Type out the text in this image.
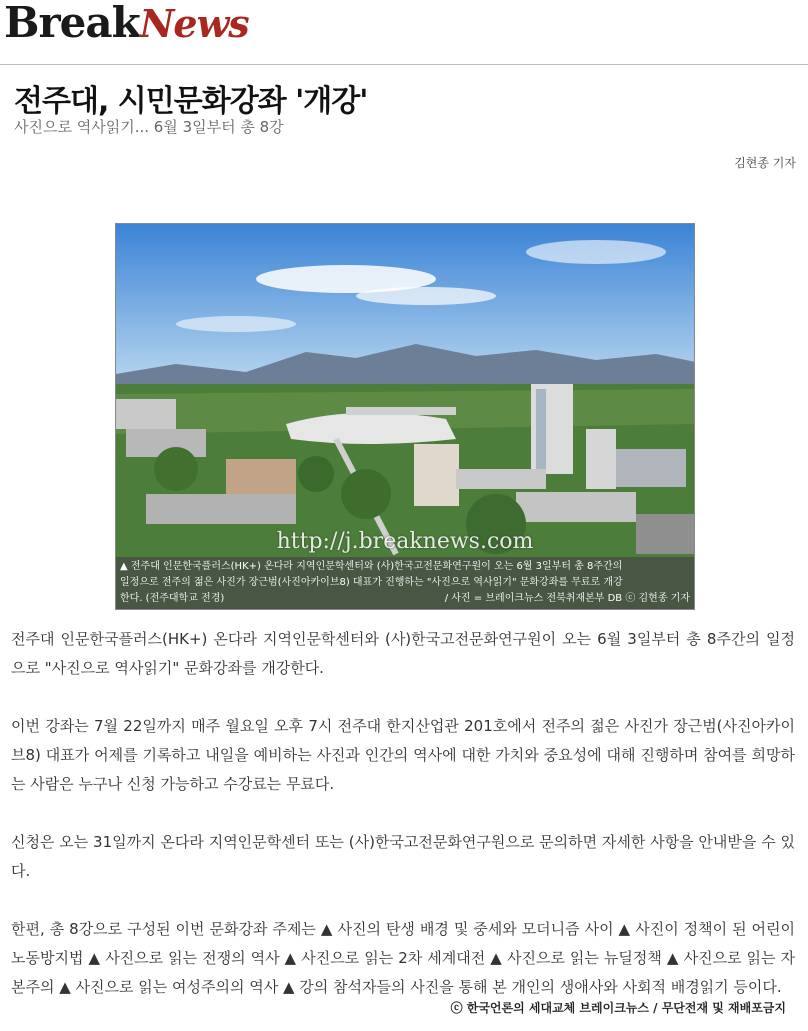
BreakNews
전주대, 시민문화강좌 '개강'
사진으로 역사읽기... 6월 3일부터 총 8강
김현종 기자
http://j.breaknews.com
▲ 전주대 인문한국플러스(HK+) 온다라 지역인문학센터와 (사)한국고전문화연구원이 오는 6월 3일부터 총 8주간의
일정으로 전주의 젊은 사진가 장근범(사진아카이브8) 대표가 진행하는 "사진으로 역사읽기" 문화강좌를 무료로 개강
한다. (전주대학교 전경)	/ 사진 = 브레이크뉴스 전북취재본부 DB ⓒ 김현종 기자

전주대 인문한국플러스(HK+) 온다라 지역인문학센터와 (사)한국고전문화연구원이 오는 6월 3일부터 총 8주간의 일정으로 "사진으로 역사읽기" 문화강좌를 개강한다.

이번 강좌는 7월 22일까지 매주 월요일 오후 7시 전주대 한지산업관 201호에서 전주의 젊은 사진가 장근범(사진아카이브8) 대표가 어제를 기록하고 내일을 예비하는 사진과 인간의 역사에 대한 가치와 중요성에 대해 진행하며 참여를 희망하는 사람은 누구나 신청 가능하고 수강료는 무료다.

신청은 오는 31일까지 온다라 지역인문학센터 또는 (사)한국고전문화연구원으로 문의하면 자세한 사항을 안내받을 수 있다.

한편, 총 8강으로 구성된 이번 문화강좌 주제는 ▲ 사진의 탄생 배경 및 중세와 모더니즘 사이 ▲ 사진이 정책이 된 어린이 노동방지법 ▲ 사진으로 읽는 전쟁의 역사 ▲ 사진으로 읽는 2차 세계대전 ▲ 사진으로 읽는 뉴딜정책 ▲ 사진으로 읽는 자본주의 ▲ 사진으로 읽는 여성주의의 역사 ▲ 강의 참석자들의 사진을 통해 본 개인의 생애사와 사회적 배경읽기 등이다.

ⓒ 한국언론의 세대교체 브레이크뉴스 / 무단전재 및 재배포금지
